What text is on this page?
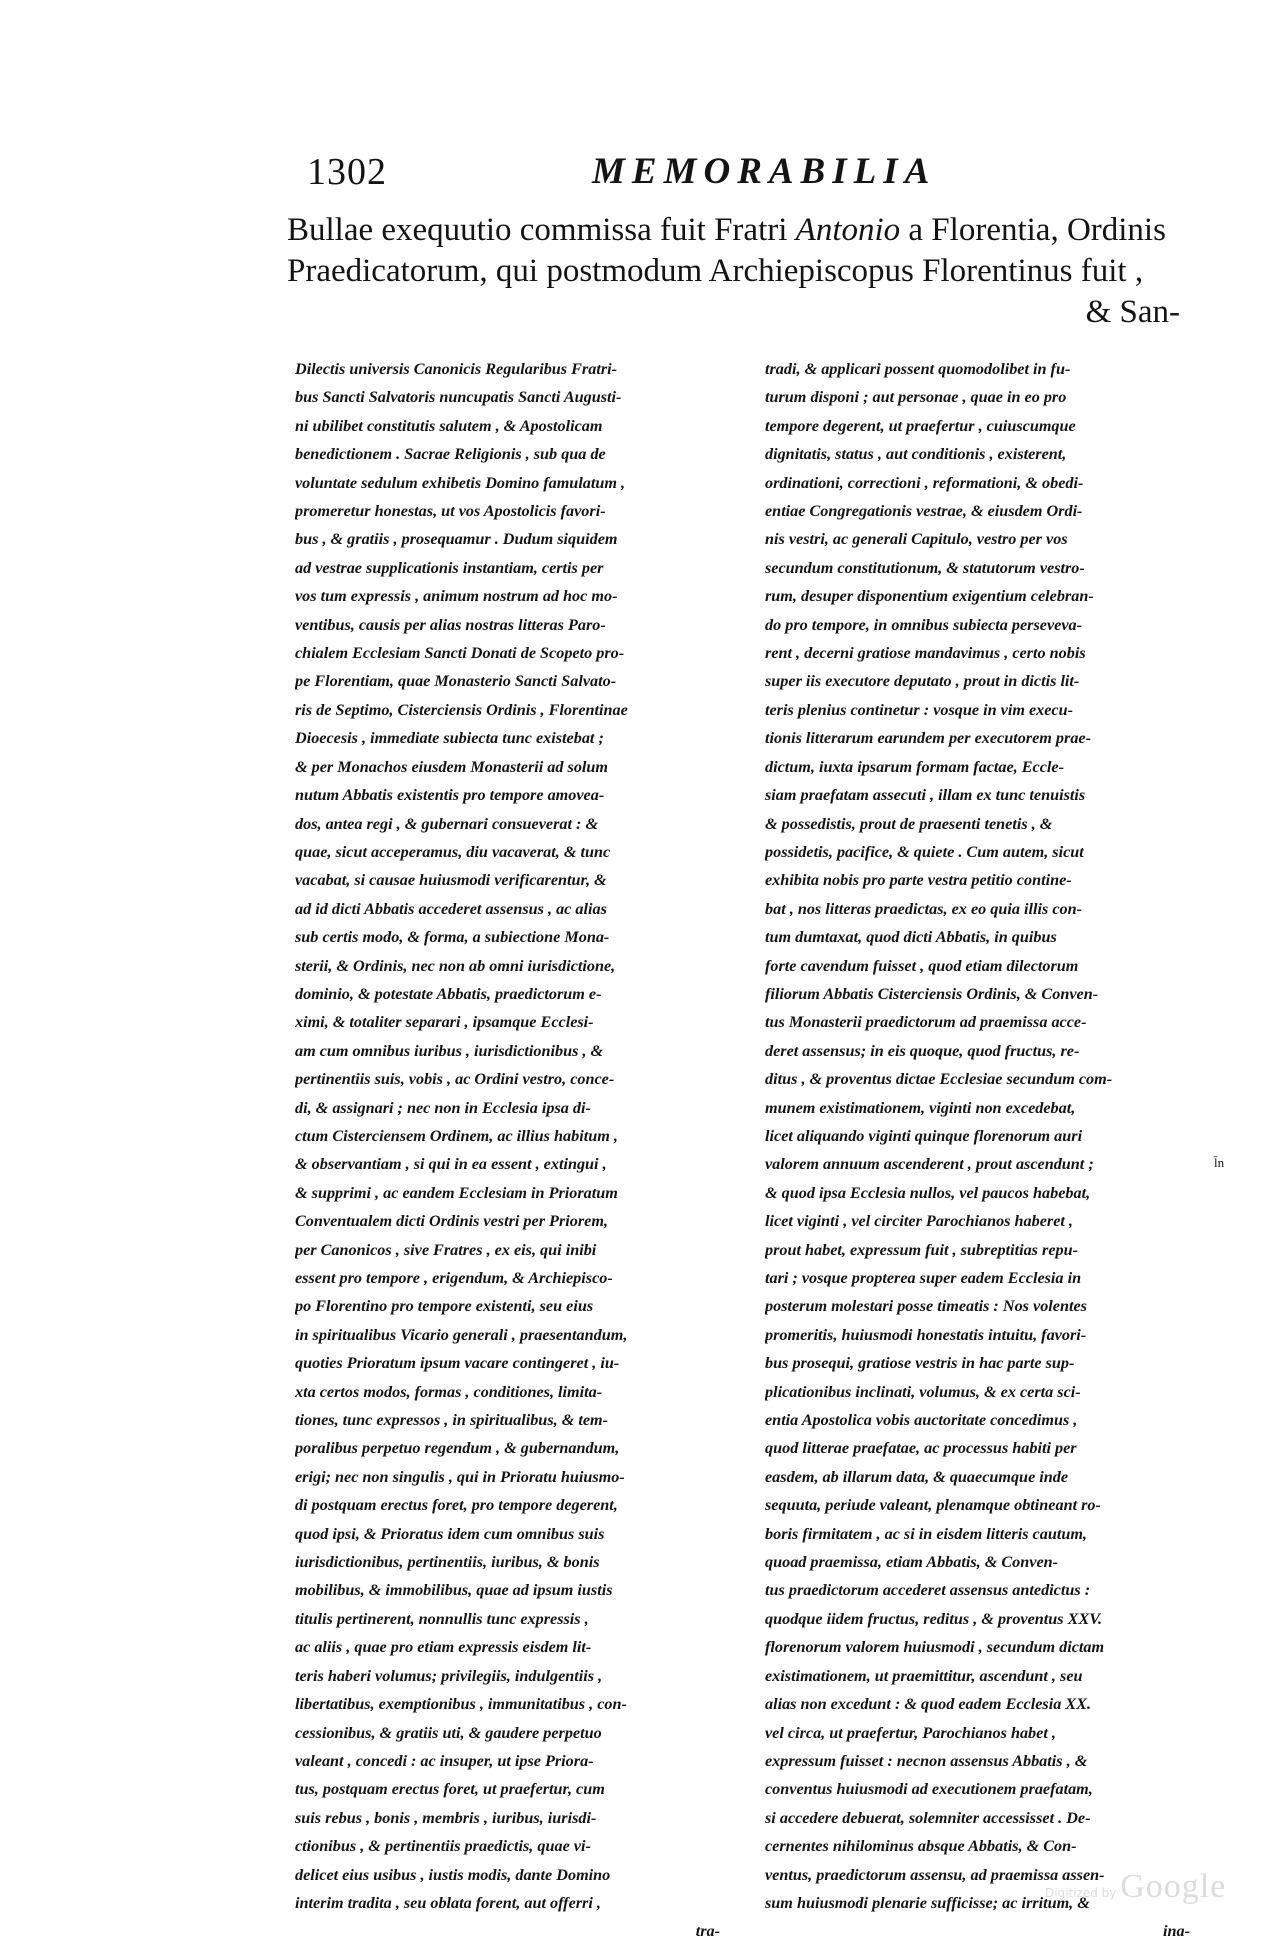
1302	MEMORABILIA
Bullae exequutio commissa fuit Fratri Antonio a Florentia, Ordinis
Praedicatorum, qui postmodum Archiepiscopus Florentinus fuit ,
& San-
Dilectis universis Canonicis Regularibus Fratri-
bus Sancti Salvatoris nuncupatis Sancti Augusti-
ni ubilibet constitutis salutem , & Apostolicam
benedictionem . Sacrae Religionis , sub qua de
voluntate sedulum exhibetis Domino famulatum ,
promeretur honestas, ut vos Apostolicis favori-
bus , & gratiis , prosequamur . Dudum siquidem
ad vestrae supplicationis instantiam, certis per
vos tum expressis , animum nostrum ad hoc mo-
ventibus, causis per alias nostras litteras Paro-
chialem Ecclesiam Sancti Donati de Scopeto pro-
pe Florentiam, quae Monasterio Sancti Salvato-
ris de Septimo, Cisterciensis Ordinis , Florentinae
Dioecesis , immediate subiecta tunc existebat ;
& per Monachos eiusdem Monasterii ad solum
nutum Abbatis existentis pro tempore amovea-
dos, antea regi , & gubernari consueverat : &
quae, sicut acceperamus, diu vacaverat, & tunc
vacabat, si causae huiusmodi verificarentur, &
ad id dicti Abbatis accederet assensus , ac alias
sub certis modo, & forma, a subiectione Mona-
sterii, & Ordinis, nec non ab omni iurisdictione,
dominio, & potestate Abbatis, praedictorum e-
ximi, & totaliter separari , ipsamque Ecclesi-
am cum omnibus iuribus , iurisdictionibus , &
pertinentiis suis, vobis , ac Ordini vestro, conce-
di, & assignari ; nec non in Ecclesia ipsa di-
ctum Cisterciensem Ordinem, ac illius habitum ,
& observantiam , si qui in ea essent , extingui ,
& supprimi , ac eandem Ecclesiam in Prioratum
Conventualem dicti Ordinis vestri per Priorem,
per Canonicos , sive Fratres , ex eis, qui inibi
essent pro tempore , erigendum, & Archiepisco-
po Florentino pro tempore existenti, seu eius
in spiritualibus Vicario generali , praesentandum,
quoties Prioratum ipsum vacare contingeret , iu-
xta certos modos, formas , conditiones, limita-
tiones, tunc expressos , in spiritualibus, & tem-
poralibus perpetuo regendum , & gubernandum,
erigi; nec non singulis , qui in Prioratu huiusmo-
di postquam erectus foret, pro tempore degerent,
quod ipsi, & Prioratus idem cum omnibus suis
iurisdictionibus, pertinentiis, iuribus, & bonis
mobilibus, & immobilibus, quae ad ipsum iustis
titulis pertinerent, nonnullis tunc expressis ,
ac aliis , quae pro etiam expressis eisdem lit-
teris haberi volumus; privilegiis, indulgentiis ,
libertatibus, exemptionibus , immunitatibus , con-
cessionibus, & gratiis uti, & gaudere perpetuo
valeant , concedi : ac insuper, ut ipse Priora-
tus, postquam erectus foret, ut praefertur, cum
suis rebus , bonis , membris , iuribus, iurisdi-
ctionibus , & pertinentiis praedictis, quae vi-
delicet eius usibus , iustis modis, dante Domino
interim tradita , seu oblata forent, aut offerri ,
tra-
tradi, & applicari possent quomodolibet in fu-
turum disponi ; aut personae , quae in eo pro
tempore degerent, ut praefertur , cuiuscumque
dignitatis, status , aut conditionis , existerent,
ordinationi, correctioni , reformationi, & obedi-
entiae Congregationis vestrae, & eiusdem Ordi-
nis vestri, ac generali Capitulo, vestro per vos
secundum constitutionum, & statutorum vestro-
rum, desuper disponentium exigentium celebran-
do pro tempore, in omnibus subiecta perseveva-
rent , decerni gratiose mandavimus , certo nobis
super iis executore deputato , prout in dictis lit-
teris plenius continetur : vosque in vim execu-
tionis litterarum earundem per executorem prae-
dictum, iuxta ipsarum formam factae, Eccle-
siam praefatam assecuti , illam ex tunc tenuistis
& possedistis, prout de praesenti tenetis , &
possidetis, pacifice, & quiete . Cum autem, sicut
exhibita nobis pro parte vestra petitio contine-
bat , nos litteras praedictas, ex eo quia illis con-
tum dumtaxat, quod dicti Abbatis, in quibus
forte cavendum fuisset , quod etiam dilectorum
filiorum Abbatis Cisterciensis Ordinis, & Conven-
tus Monasterii praedictorum ad praemissa acce-
deret assensus; in eis quoque, quod fructus, re-
ditus , & proventus dictae Ecclesiae secundum com-
munem existimationem, viginti non excedebat,
licet aliquando viginti quinque florenorum auri
valorem annuum ascenderent , prout ascendunt ;
& quod ipsa Ecclesia nullos, vel paucos habebat,
licet viginti , vel circiter Parochianos haberet ,
prout habet, expressum fuit , subreptitias repu-
tari ; vosque propterea super eadem Ecclesia in
posterum molestari posse timeatis : Nos volentes
promeritis, huiusmodi honestatis intuitu, favori-
bus prosequi, gratiose vestris in hac parte sup-
plicationibus inclinati, volumus, & ex certa sci-
entia Apostolica vobis auctoritate concedimus ,
quod litterae praefatae, ac processus habiti per
easdem, ab illarum data, & quaecumque inde
sequuta, periude valeant, plenamque obtineant ro-
boris firmitatem , ac si in eisdem litteris cautum,
quoad praemissa, etiam Abbatis, & Conven-
tus praedictorum accederet assensus antedictus :
quodque iidem fructus, reditus , & proventus XXV.
florenorum valorem huiusmodi , secundum dictam
existimationem, ut praemittitur, ascendunt , seu
alias non excedunt : & quod eadem Ecclesia XX.
vel circa, ut praefertur, Parochianos habet ,
expressum fuisset : necnon assensus Abbatis , &
conventus huiusmodi ad executionem praefatam,
si accedere debuerat, solemniter accessisset . De-
cernentes nihilominus absque Abbatis, & Con-
ventus, praedictorum assensu, ad praemissa assen-
sum huiusmodi plenarie sufficisse; ac irritum, &
ina-
l̄n
Digitized by Google
